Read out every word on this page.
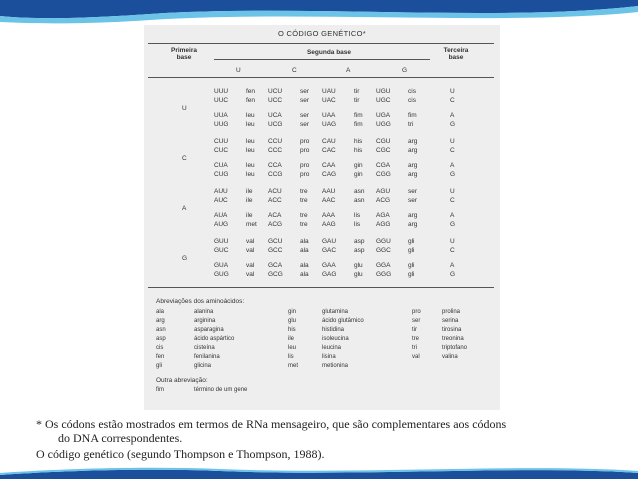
O CÓDIGO GENÉTICO*
Primeira base
Segunda base	Terceira base
U	C	A	G
U
UUU	fen UCU	ser UAU	tir	UGU	cis	U
UUC	fen UCC	ser UAC	tir	UGC	cis	C
UUA	leu UCA	ser UAA	fim UGA	fim	A
UUG	leu UCG	ser UAG	fim UGG	tri	G
C
CUU	leu CCU	pro CAU	his CGU	arg	U
CUC	leu CCC	pro CAC	his CGC	arg	C
CUA	leu CCA	pro CAA	gin CGA	arg	A
CUG	leu CCG	pro CAG	gin CGG	arg	G
A
AUU	ile ACU	tre AAU	asn AGU	ser	U
AUC	ile ACC	tre AAC	asn ACG	ser	C
AUA	ile ACA	tre AAA	lis AGA	arg	A
AUG	met ACG	tre AAG	lis AGG	arg	G
G
GUU	val GCU	ala GAU	asp GGU	gli	U
GUC	val GCC	ala GAC	asp GGC	gli	C
GUA	val GCA	ala GAA	glu GGA	gli	A
GUG	val GCG	ala GAG	glu GGG	gli	G
Abreviações dos aminoácidos:
ala	alanina	gin	glutamina	pro	prolina
arg	arginina	glu	ácido glutâmico	ser	serina
asn	asparagina	his	histidina	tir	tirosina
asp	ácido aspártico	ile	isoleucina	tre	treonina
cis	cisteína	leu	leucina	tri	triptofano
fen	fenilanina	lis	lisina	val	valina
gli	glicina	met	metionina
Outra abreviação:
fim	término de um gene
* Os códons estão mostrados em termos de RNa mensageiro, que são complementares aos códons
do DNA correspondentes.
O código genético (segundo Thompson e Thompson, 1988).
